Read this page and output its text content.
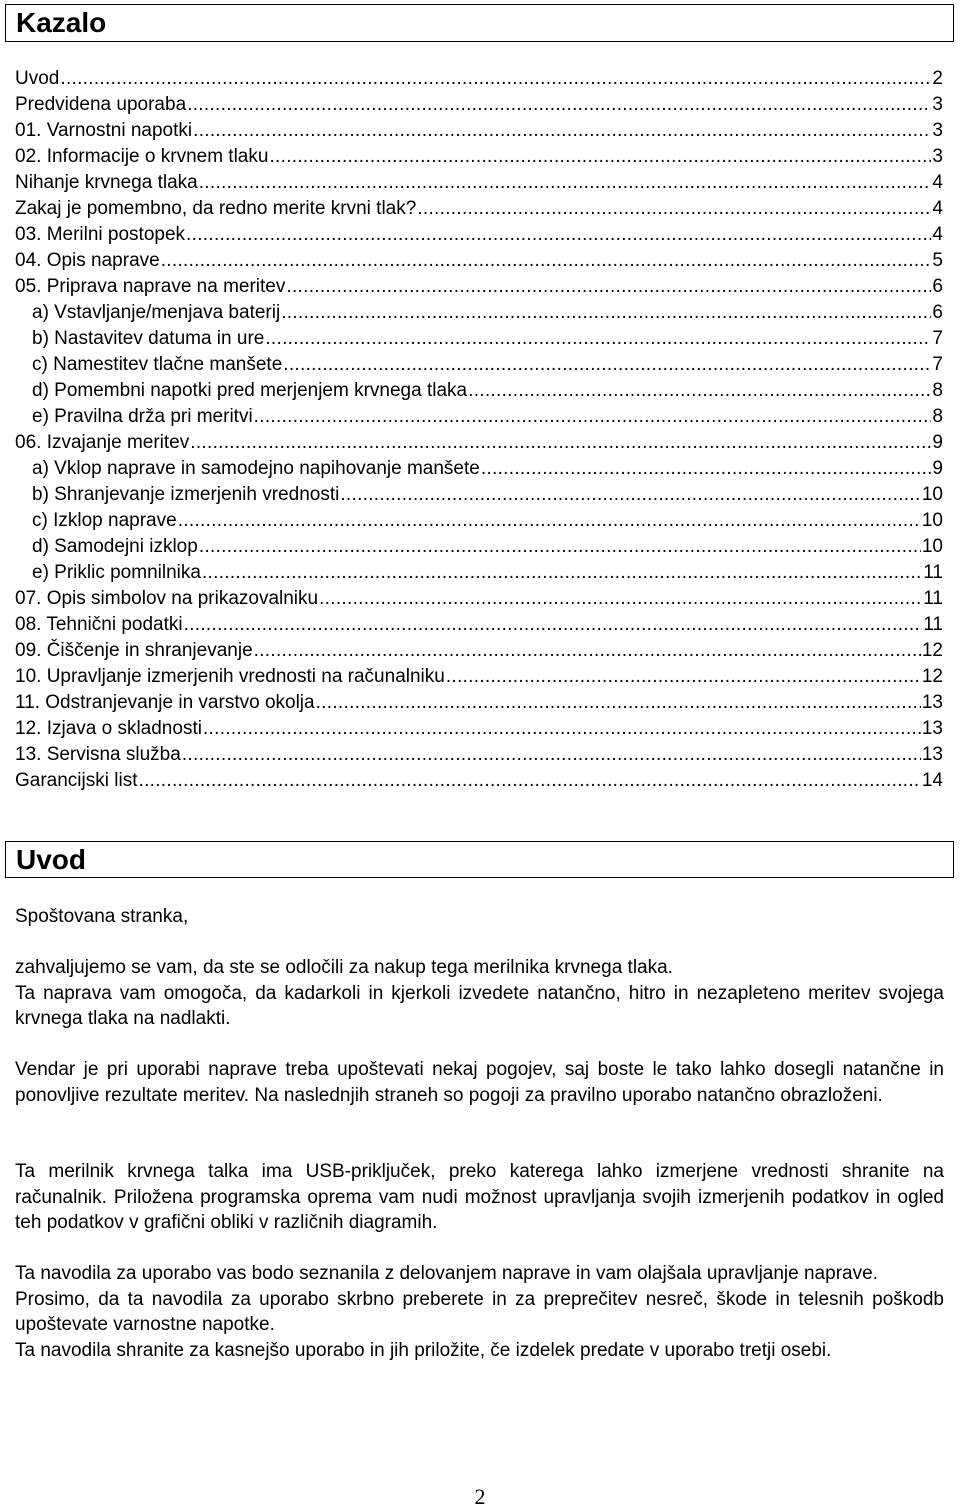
Kazalo
Uvod .....	2
Predvidena uporaba .....	3
01. Varnostni napotki .....	3
02. Informacije o krvnem tlaku .....	3
Nihanje krvnega tlaka .....	4
Zakaj je pomembno, da redno merite krvni tlak? .....	4
03. Merilni postopek .....	4
04. Opis naprave .....	5
05. Priprava naprave na meritev .....	6
a) Vstavljanje/menjava baterij .....	6
b) Nastavitev datuma in ure .....	7
c) Namestitev tlačne manšete .....	7
d) Pomembni napotki pred merjenjem krvnega tlaka .....	8
e) Pravilna drža pri meritvi .....	8
06. Izvajanje meritev .....	9
a) Vklop naprave in samodejno napihovanje manšete .....	9
b) Shranjevanje izmerjenih vrednosti .....	10
c) Izklop naprave .....	10
d) Samodejni izklop .....	10
e) Priklic pomnilnika .....	11
07. Opis simbolov na prikazovalniku .....	11
08. Tehnični podatki .....	11
09. Čiščenje in shranjevanje .....	12
10. Upravljanje izmerjenih vrednosti na računalniku .....	12
11. Odstranjevanje in varstvo okolja .....	13
12. Izjava o skladnosti .....	13
13. Servisna služba .....	13
Garancijski list .....	14
Uvod

Spoštovana stranka,

zahvaljujemo se vam, da ste se odločili za nakup tega merilnika krvnega tlaka.

Ta naprava vam omogoča, da kadarkoli in kjerkoli izvedete natančno, hitro in nezapleteno meritev svojega krvnega tlaka na nadlakti.

Vendar je pri uporabi naprave treba upoštevati nekaj pogojev, saj boste le tako lahko dosegli natančne in ponovljive rezultate meritev. Na naslednjih straneh so pogoji za pravilno uporabo natančno obrazloženi.

Ta merilnik krvnega talka ima USB-priključek, preko katerega lahko izmerjene vrednosti shranite na računalnik. Priložena programska oprema vam nudi možnost upravljanja svojih izmerjenih podatkov in ogled teh podatkov v grafični obliki v različnih diagramih.

Ta navodila za uporabo vas bodo seznanila z delovanjem naprave in vam olajšala upravljanje naprave.

Prosimo, da ta navodila za uporabo skrbno preberete in za preprečitev nesreč, škode in telesnih poškodb upoštevate varnostne napotke.

Ta navodila shranite za kasnejšo uporabo in jih priložite, če izdelek predate v uporabo tretji osebi.

2
